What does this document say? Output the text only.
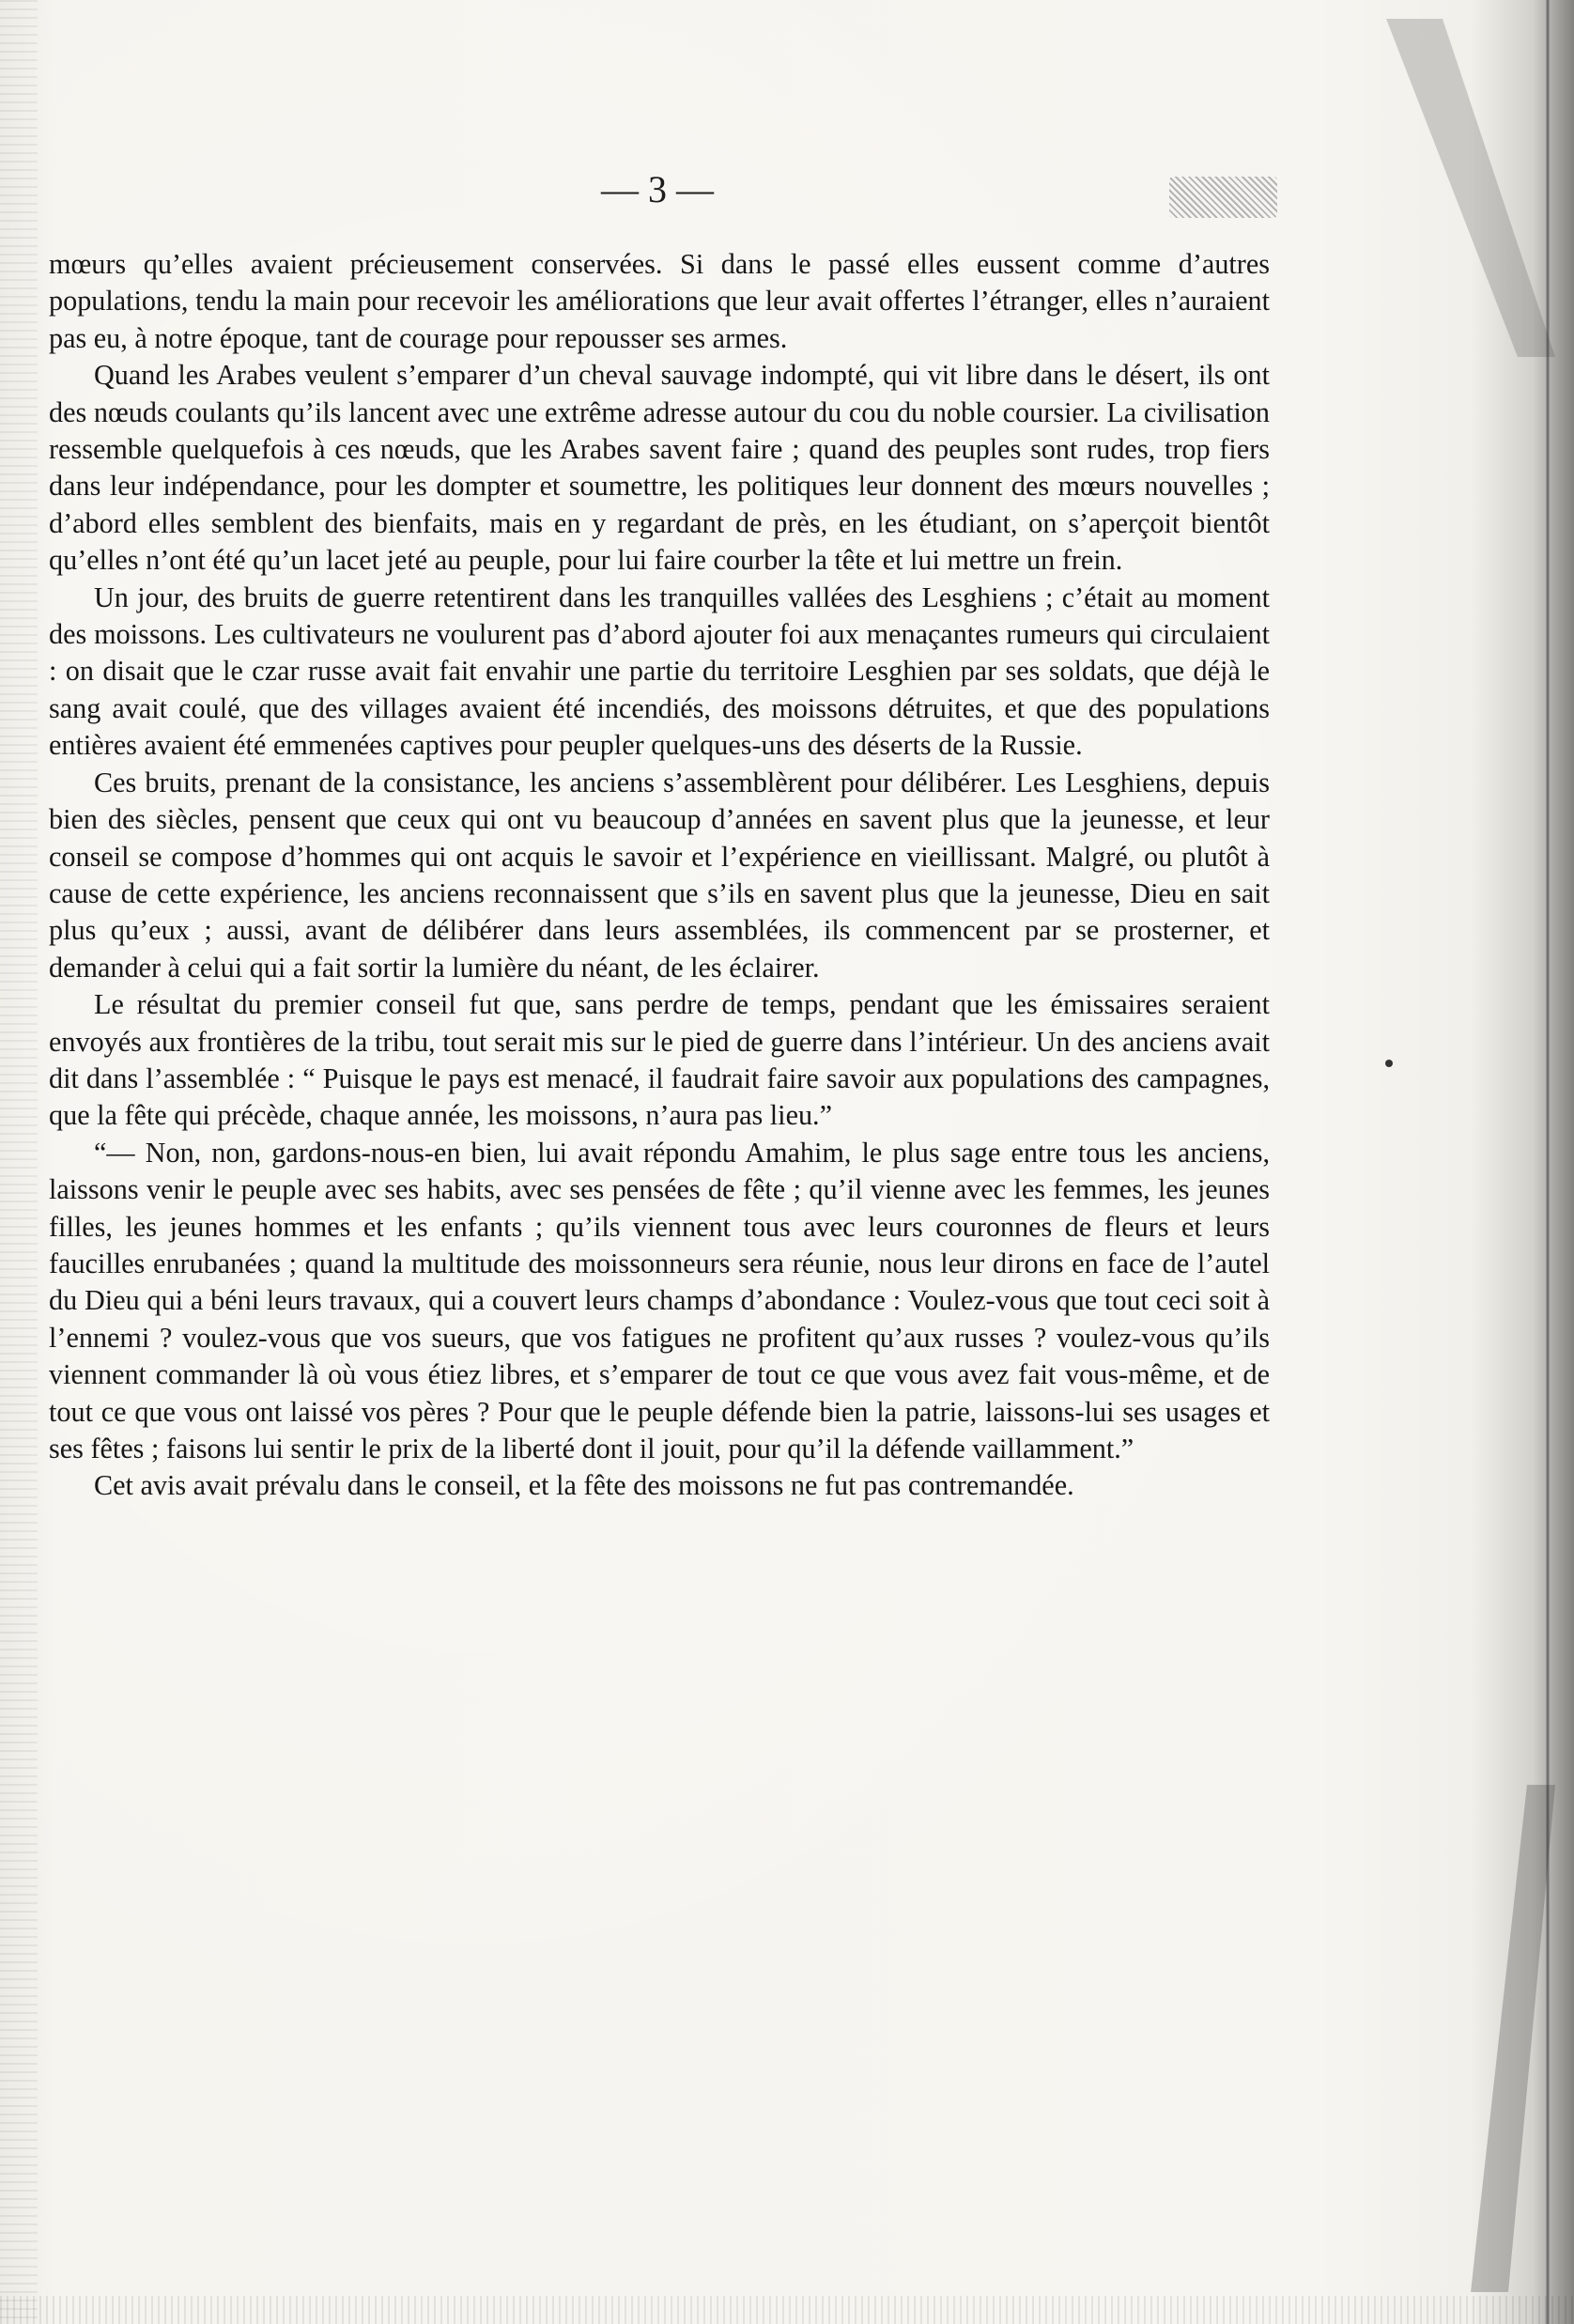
— 3 —

mœurs qu’elles avaient précieusement conservées. Si dans le passé elles eussent comme d’autres populations, tendu la main pour recevoir les améliorations que leur avait offertes l’étranger, elles n’auraient pas eu, à notre époque, tant de courage pour repousser ses armes.

Quand les Arabes veulent s’emparer d’un cheval sauvage indompté, qui vit libre dans le désert, ils ont des nœuds coulants qu’ils lancent avec une extrême adresse autour du cou du noble coursier. La civilisation ressemble quelquefois à ces nœuds, que les Arabes savent faire ; quand des peuples sont rudes, trop fiers dans leur indépendance, pour les dompter et soumettre, les politiques leur donnent des mœurs nouvelles ; d’abord elles semblent des bienfaits, mais en y regardant de près, en les étudiant, on s’aperçoit bientôt qu’elles n’ont été qu’un lacet jeté au peuple, pour lui faire courber la tête et lui mettre un frein.

Un jour, des bruits de guerre retentirent dans les tranquilles vallées des Lesghiens ; c’était au moment des moissons. Les cultivateurs ne voulurent pas d’abord ajouter foi aux menaçantes rumeurs qui circulaient : on disait que le czar russe avait fait envahir une partie du territoire Lesghien par ses soldats, que déjà le sang avait coulé, que des villages avaient été incendiés, des moissons détruites, et que des populations entières avaient été emmenées captives pour peupler quelques-uns des déserts de la Russie.

Ces bruits, prenant de la consistance, les anciens s’assemblèrent pour délibérer. Les Lesghiens, depuis bien des siècles, pensent que ceux qui ont vu beaucoup d’années en savent plus que la jeunesse, et leur conseil se compose d’hommes qui ont acquis le savoir et l’expérience en vieillissant. Malgré, ou plutôt à cause de cette expérience, les anciens reconnaissent que s’ils en savent plus que la jeunesse, Dieu en sait plus qu’eux ; aussi, avant de délibérer dans leurs assemblées, ils commencent par se prosterner, et demander à celui qui a fait sortir la lumière du néant, de les éclairer.

Le résultat du premier conseil fut que, sans perdre de temps, pendant que les émissaires seraient envoyés aux frontières de la tribu, tout serait mis sur le pied de guerre dans l’intérieur. Un des anciens avait dit dans l’assemblée : “ Puisque le pays est menacé, il faudrait faire savoir aux populations des campagnes, que la fête qui précède, chaque année, les moissons, n’aura pas lieu.”

“— Non, non, gardons-nous-en bien, lui avait répondu Amahim, le plus sage entre tous les anciens, laissons venir le peuple avec ses habits, avec ses pensées de fête ; qu’il vienne avec les femmes, les jeunes filles, les jeunes hommes et les enfants ; qu’ils viennent tous avec leurs couronnes de fleurs et leurs faucilles enrubanées ; quand la multitude des moissonneurs sera réunie, nous leur dirons en face de l’autel du Dieu qui a béni leurs travaux, qui a couvert leurs champs d’abondance : Voulez-vous que tout ceci soit à l’ennemi ? voulez-vous que vos sueurs, que vos fatigues ne profitent qu’aux russes ? voulez-vous qu’ils viennent commander là où vous étiez libres, et s’emparer de tout ce que vous avez fait vous-même, et de tout ce que vous ont laissé vos pères ? Pour que le peuple défende bien la patrie, laissons-lui ses usages et ses fêtes ; faisons lui sentir le prix de la liberté dont il jouit, pour qu’il la défende vaillamment.”

Cet avis avait prévalu dans le conseil, et la fête des moissons ne fut pas contremandée.
